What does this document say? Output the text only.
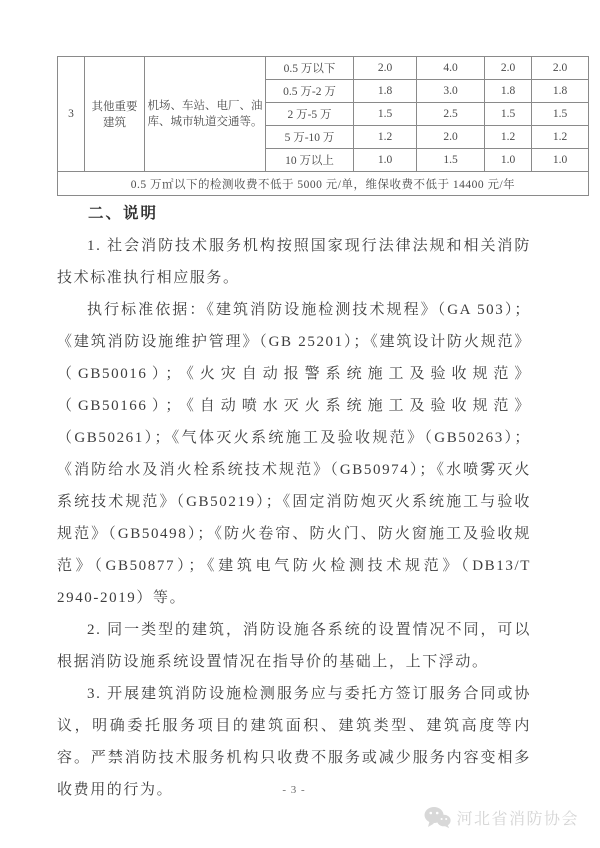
3	其他重要建筑	机场、车站、电厂、油库、城市轨道交通等。	0.5 万以下	2.0	4.0	2.0	2.0
			0.5 万-2 万	1.8	3.0	1.8	1.8
			2 万-5 万	1.5	2.5	1.5	1.5
			5 万-10 万	1.2	2.0	1.2	1.2
			10 万以上	1.0	1.5	1.0	1.0
0.5 万㎡以下的检测收费不低于 5000 元/单，维保收费不低于 14400 元/年							
二、说明

1. 社会消防技术服务机构按照国家现行法律法规和相关消防技术标准执行相应服务。

执行标准依据：《建筑消防设施检测技术规程》（GA 503）；《建筑消防设施维护管理》（GB 25201）；《建筑设计防火规范》（GB50016）；《火灾自动报警系统施工及验收规范》（GB50166）；《自动喷水灭火系统施工及验收规范》（GB50261）；《气体灭火系统施工及验收规范》（GB50263）；《消防给水及消火栓系统技术规范》（GB50974）；《水喷雾灭火系统技术规范》（GB50219）；《固定消防炮灭火系统施工与验收规范》（GB50498）；《防火卷帘、防火门、防火窗施工及验收规范》（GB50877）；《建筑电气防火检测技术规范》（DB13/T 2940-2019）等。

2. 同一类型的建筑，消防设施各系统的设置情况不同，可以根据消防设施系统设置情况在指导价的基础上，上下浮动。

3. 开展建筑消防设施检测服务应与委托方签订服务合同或协议，明确委托服务项目的建筑面积、建筑类型、建筑高度等内容。严禁消防技术服务机构只收费不服务或减少服务内容变相多收费用的行为。	- 3 -
河北省消防协会
